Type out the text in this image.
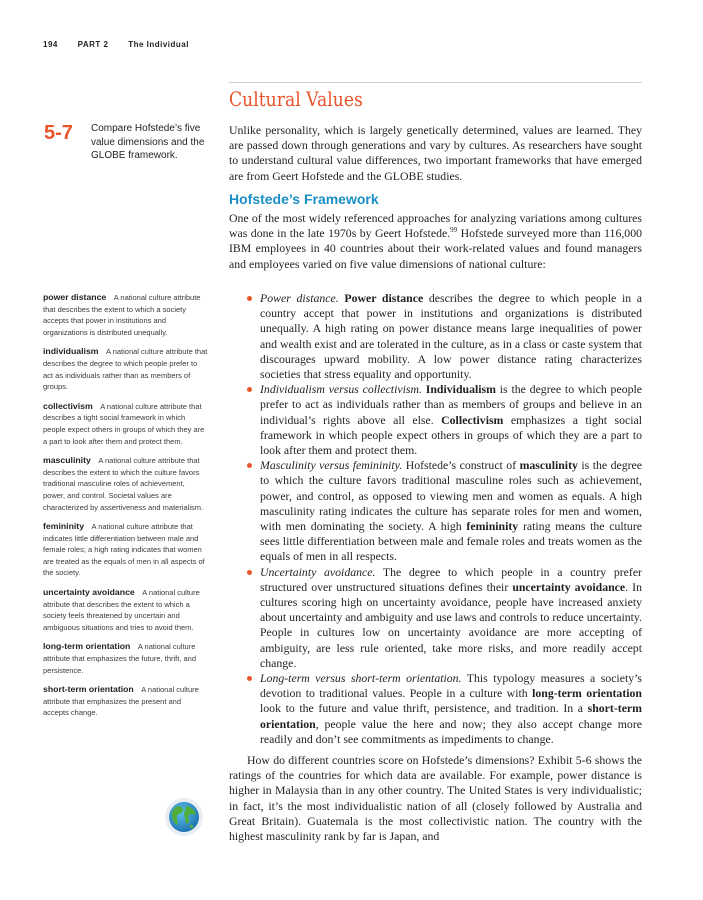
194 PART 2 The Individual
Cultural Values
5-7 Compare Hofstede’s five value dimensions and the GLOBE framework.
Unlike personality, which is largely genetically determined, values are learned. They are passed down through generations and vary by cultures. As researchers have sought to understand cultural value differences, two important frameworks that have emerged are from Geert Hofstede and the GLOBE studies.
Hofstede’s Framework
One of the most widely referenced approaches for analyzing variations among cultures was done in the late 1970s by Geert Hofstede.$^{99}$ Hofstede surveyed more than 116,000 IBM employees in 40 countries about their work-related values and found managers and employees varied on five value dimensions of national culture:
Power distance. Power distance describes the degree to which people in a country accept that power in institutions and organizations is distributed unequally. A high rating on power distance means large inequalities of power and wealth exist and are tolerated in the culture, as in a class or caste system that discourages upward mobility. A low power distance rating characterizes societies that stress equality and opportunity.
Individualism versus collectivism. Individualism is the degree to which people prefer to act as individuals rather than as members of groups and believe in an individual’s rights above all else. Collectivism emphasizes a tight social framework in which people expect others in groups of which they are a part to look after them and protect them.
Masculinity versus femininity. Hofstede’s construct of masculinity is the degree to which the culture favors traditional masculine roles such as achievement, power, and control, as opposed to viewing men and women as equals. A high masculinity rating indicates the culture has separate roles for men and women, with men dominating the society. A high femininity rating means the culture sees little differentiation between male and female roles and treats women as the equals of men in all respects.
Uncertainty avoidance. The degree to which people in a country prefer structured over unstructured situations defines their uncertainty avoidance. In cultures scoring high on uncertainty avoidance, people have increased anxiety about uncertainty and ambiguity and use laws and controls to reduce uncertainty. People in cultures low on uncertainty avoidance are more accepting of ambiguity, are less rule oriented, take more risks, and more readily accept change.
Long-term versus short-term orientation. This typology measures a society’s devotion to traditional values. People in a culture with long-term orientation look to the future and value thrift, persistence, and tradition. In a short-term orientation, people value the here and now; they also accept change more readily and don’t see commitments as impediments to change.
How do different countries score on Hofstede’s dimensions? Exhibit 5-6 shows the ratings of the countries for which data are available. For example, power distance is higher in Malaysia than in any other country. The United States is very individualistic; in fact, it’s the most individualistic nation of all (closely followed by Australia and Great Britain). Guatemala is the most collectivistic nation. The country with the highest masculinity rank by far is Japan, and

power distance A national culture attribute that describes the extent to which a society accepts that power in institutions and organizations is distributed unequally.

individualism A national culture attribute that describes the degree to which people prefer to act as individuals rather than as members of groups.

collectivism A national culture attribute that describes a tight social framework in which people expect others in groups of which they are a part to look after them and protect them.

masculinity A national culture attribute that describes the extent to which the culture favors traditional masculine roles of achievement, power, and control. Societal values are characterized by assertiveness and materialism.

femininity A national culture attribute that indicates little differentiation between male and female roles; a high rating indicates that women are treated as the equals of men in all aspects of the society.

uncertainty avoidance A national culture attribute that describes the extent to which a society feels threatened by uncertain and ambiguous situations and tries to avoid them.

long-term orientation A national culture attribute that emphasizes the future, thrift, and persistence.

short-term orientation A national culture attribute that emphasizes the present and accepts change.
